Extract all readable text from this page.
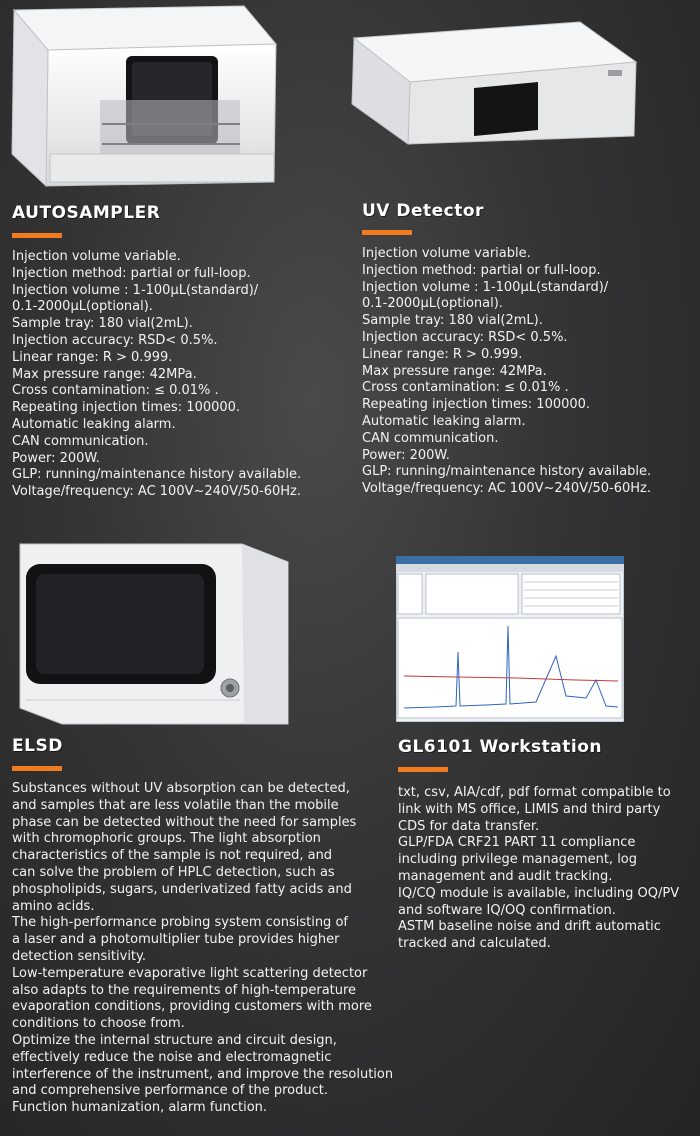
AUTOSAMPLER
Injection volume variable.
Injection method: partial or full-loop.
Injection volume : 1-100μL(standard)/
0.1-2000μL(optional).
Sample tray: 180 vial(2mL).
Injection accuracy: RSD< 0.5%.
Linear range: R > 0.999.
Max pressure range: 42MPa.
Cross contamination: ≤ 0.01% .
Repeating injection times: 100000.
Automatic leaking alarm.
CAN communication.
Power: 200W.
GLP: running/maintenance history available.
Voltage/frequency: AC 100V~240V/50-60Hz.
UV Detector
Injection volume variable.
Injection method: partial or full-loop.
Injection volume : 1-100μL(standard)/
0.1-2000μL(optional).
Sample tray: 180 vial(2mL).
Injection accuracy: RSD< 0.5%.
Linear range: R > 0.999.
Max pressure range: 42MPa.
Cross contamination: ≤ 0.01% .
Repeating injection times: 100000.
Automatic leaking alarm.
CAN communication.
Power: 200W.
GLP: running/maintenance history available.
Voltage/frequency: AC 100V~240V/50-60Hz.
ELSD
Substances without UV absorption can be detected,
and samples that are less volatile than the mobile
phase can be detected without the need for samples
with chromophoric groups. The light absorption
characteristics of the sample is not required, and
can solve the problem of HPLC detection, such as
phospholipids, sugars, underivatized fatty acids and
amino acids.
The high-performance probing system consisting of
a laser and a photomultiplier tube provides higher
detection sensitivity.
Low-temperature evaporative light scattering detector
also adapts to the requirements of high-temperature
evaporation conditions, providing customers with more
conditions to choose from.
Optimize the internal structure and circuit design,
effectively reduce the noise and electromagnetic
interference of the instrument, and improve the resolution
and comprehensive performance of the product.
Function humanization, alarm function.
GL6101 Workstation
txt, csv, AIA/cdf, pdf format compatible to
link with MS office, LIMIS and third party
CDS for data transfer.
GLP/FDA CRF21 PART 11 compliance
including privilege management, log
management and audit tracking.
IQ/CQ module is available, including OQ/PV
and software IQ/OQ confirmation.
ASTM baseline noise and drift automatic
tracked and calculated.
